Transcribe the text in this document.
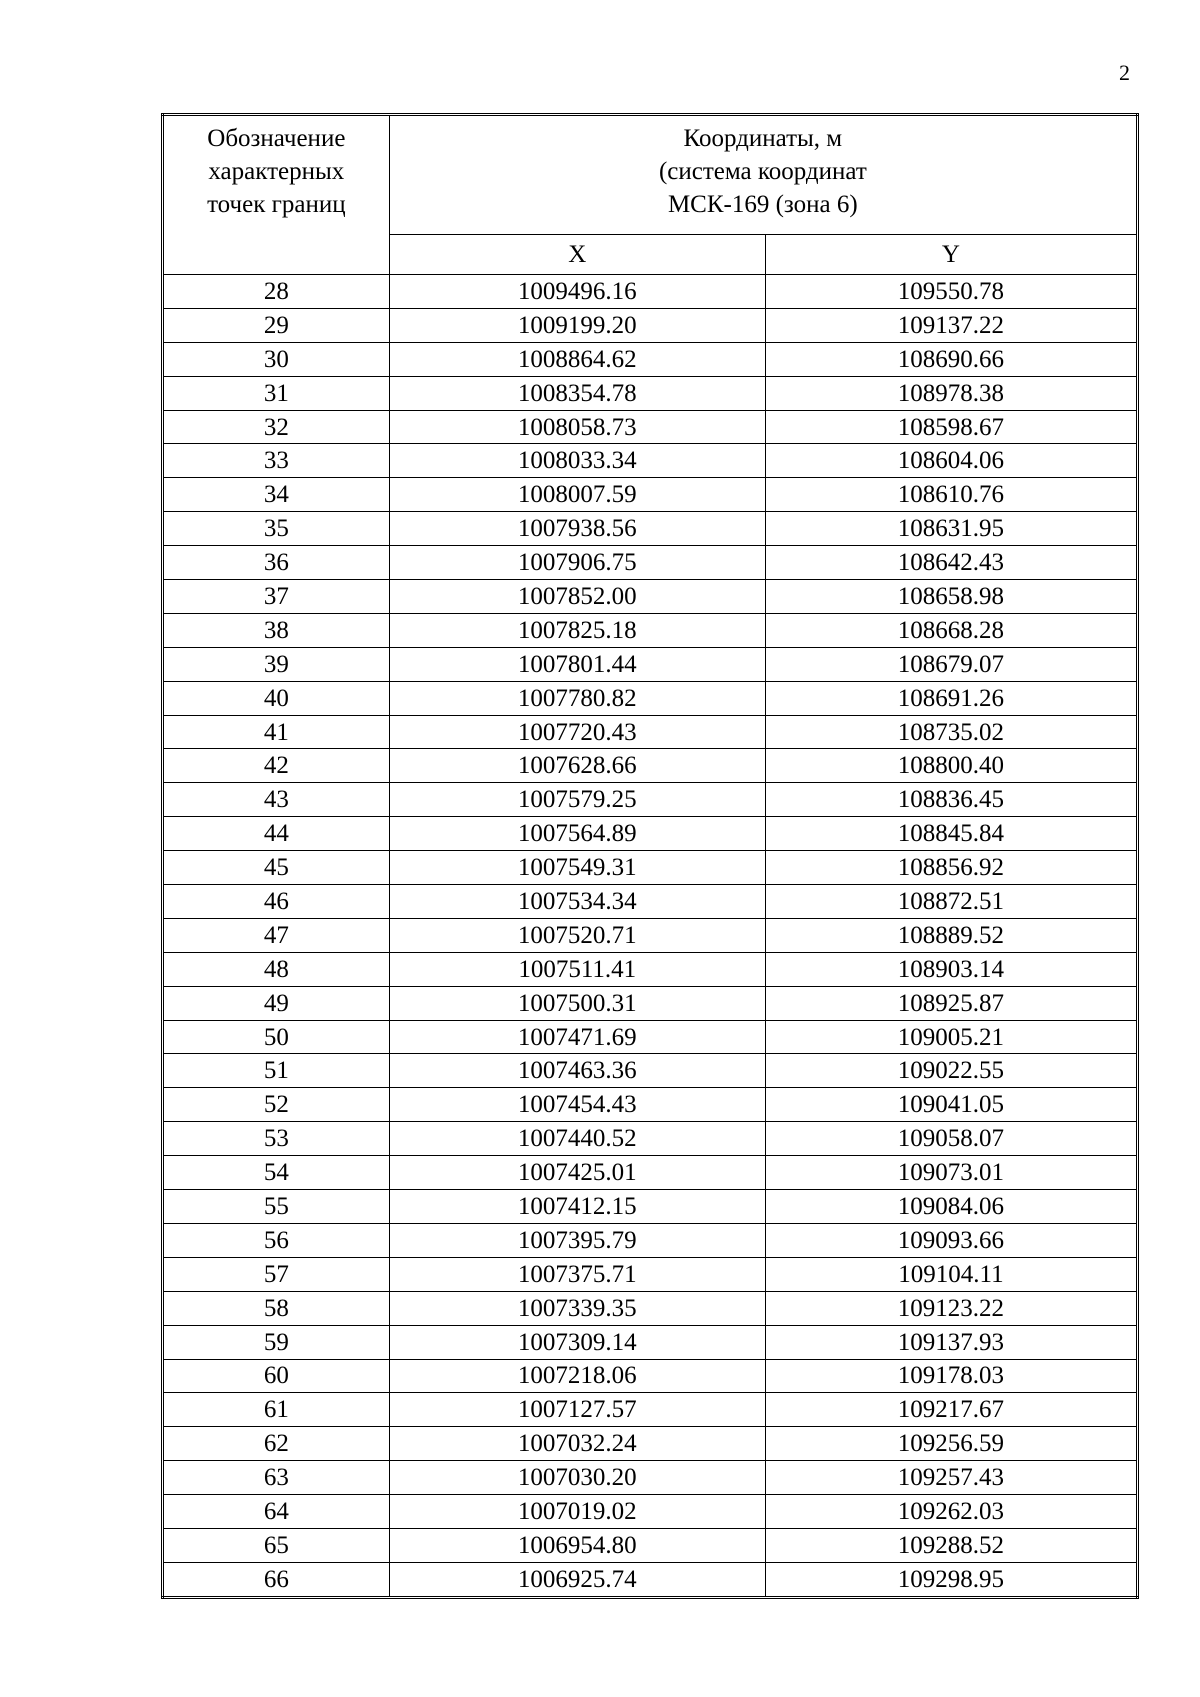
2
Обозначение
характерных
точек границ	Координаты, м
(система координат
МСК-169 (зона 6)	

	X	Y
28	1009496.16	109550.78
29	1009199.20	109137.22
30	1008864.62	108690.66
31	1008354.78	108978.38
32	1008058.73	108598.67
33	1008033.34	108604.06
34	1008007.59	108610.76
35	1007938.56	108631.95
36	1007906.75	108642.43
37	1007852.00	108658.98
38	1007825.18	108668.28
39	1007801.44	108679.07
40	1007780.82	108691.26
41	1007720.43	108735.02
42	1007628.66	108800.40
43	1007579.25	108836.45
44	1007564.89	108845.84
45	1007549.31	108856.92
46	1007534.34	108872.51
47	1007520.71	108889.52
48	1007511.41	108903.14
49	1007500.31	108925.87
50	1007471.69	109005.21
51	1007463.36	109022.55
52	1007454.43	109041.05
53	1007440.52	109058.07
54	1007425.01	109073.01
55	1007412.15	109084.06
56	1007395.79	109093.66
57	1007375.71	109104.11
58	1007339.35	109123.22
59	1007309.14	109137.93
60	1007218.06	109178.03
61	1007127.57	109217.67
62	1007032.24	109256.59
63	1007030.20	109257.43
64	1007019.02	109262.03
65	1006954.80	109288.52
66	1006925.74	109298.95
